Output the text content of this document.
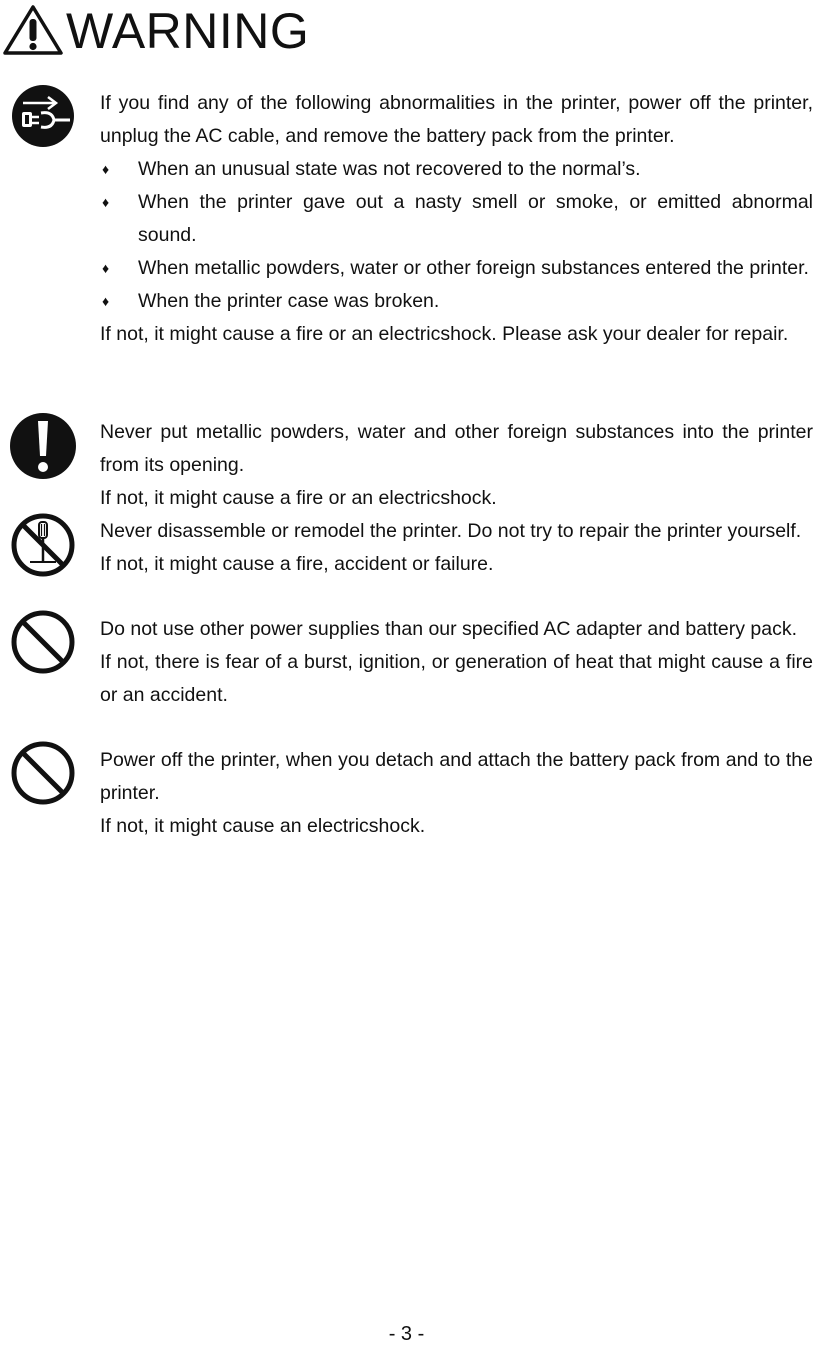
WARNING

If you find any of the following abnormalities in the printer, power off the printer, unplug the AC cable, and remove the battery pack from the printer.

♦ When an unusual state was not recovered to the normal’s.
♦ When the printer gave out a nasty smell or smoke, or emitted abnormal sound.
♦ When metallic powders, water or other foreign substances entered the printer.
♦ When the printer case was broken.

If not, it might cause a fire or an electricshock. Please ask your dealer for repair.

Never put metallic powders, water and other foreign substances into the printer from its opening.

If not, it might cause a fire or an electricshock.

Never disassemble or remodel the printer. Do not try to repair the printer yourself.

If not, it might cause a fire, accident or failure.

Do not use other power supplies than our specified AC adapter and battery pack.

If not, there is fear of a burst, ignition, or generation of heat that might cause a fire or an accident.

Power off the printer, when you detach and attach the battery pack from and to the printer.

If not, it might cause an electricshock.

- 3 -
